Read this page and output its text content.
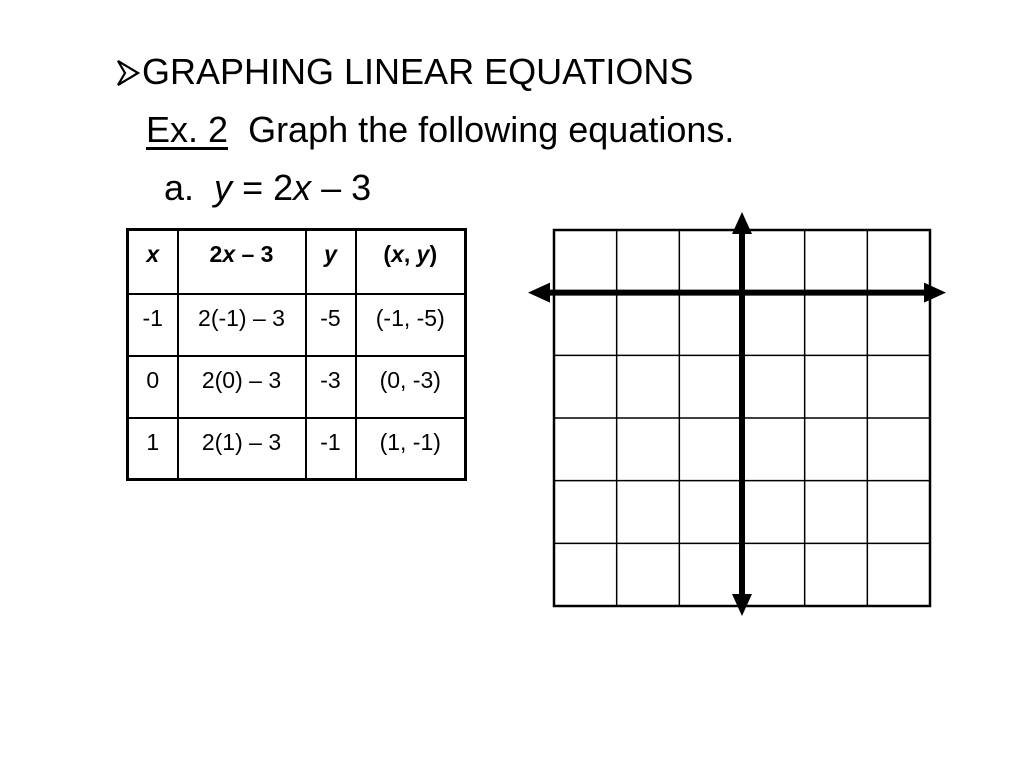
GRAPHING LINEAR EQUATIONS
Ex. 2 Graph the following equations.
a. y = 2x – 3
x	2x – 3	y	(x, y)
-1	2(-1) – 3	-5	(-1, -5)
0	2(0) – 3	-3	(0, -3)
1	2(1) – 3	-1	(1, -1)
